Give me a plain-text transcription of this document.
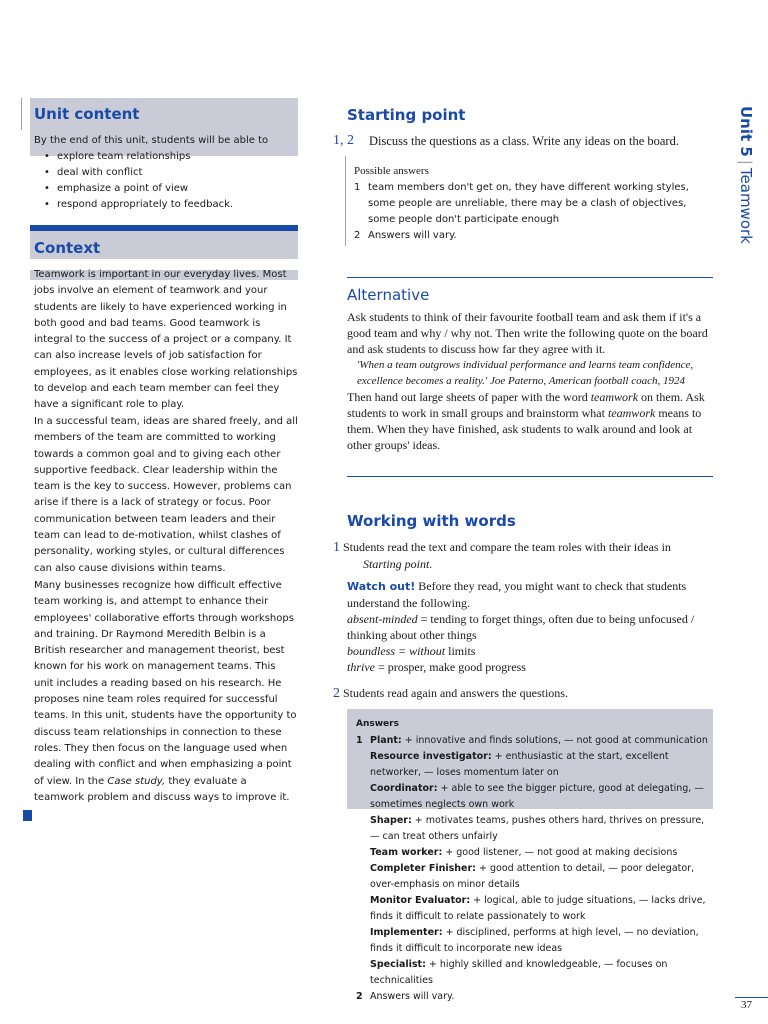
Unit content
By the end of this unit, students will be able to
• explore team relationships
• deal with conflict
• emphasize a point of view
• respond appropriately to feedback.
Context
Teamwork is important in our everyday lives. Most jobs involve an element of teamwork and your students are likely to have experienced working in both good and bad teams. Good teamwork is integral to the success of a project or a company. It can also increase levels of job satisfaction for employees, as it enables close working relationships to develop and each team member can feel they have a significant role to play.
In a successful team, ideas are shared freely, and all members of the team are committed to working towards a common goal and to giving each other supportive feedback. Clear leadership within the team is the key to success. However, problems can arise if there is a lack of strategy or focus. Poor communication between team leaders and their team can lead to de-motivation, whilst clashes of personality, working styles, or cultural differences can also cause divisions within teams.
Many businesses recognize how difficult effective team working is, and attempt to enhance their employees' collaborative efforts through workshops and training. Dr Raymond Meredith Belbin is a British researcher and management theorist, best known for his work on management teams. This unit includes a reading based on his research. He proposes nine team roles required for successful teams. In this unit, students have the opportunity to discuss team relationships in connection to these roles. They then focus on the language used when dealing with conflict and when emphasizing a point of view. In the Case study, they evaluate a teamwork problem and discuss ways to improve it.
Starting point
1, 2 Discuss the questions as a class. Write any ideas on the board.
Possible answers
1 team members don't get on, they have different working styles, some people are unreliable, there may be a clash of objectives, some people don't participate enough
2 Answers will vary.
Alternative
Ask students to think of their favourite football team and ask them if it's a good team and why / why not. Then write the following quote on the board and ask students to discuss how far they agree with it.
'When a team outgrows individual performance and learns team confidence, excellence becomes a reality.' Joe Paterno, American football coach, 1924
Then hand out large sheets of paper with the word teamwork on them. Ask students to work in small groups and brainstorm what teamwork means to them. When they have finished, ask students to walk around and look at other groups' ideas.
Working with words
1 Students read the text and compare the team roles with their ideas in
Starting point.
Watch out! Before they read, you might want to check that students understand the following.
absent-minded = tending to forget things, often due to being unfocused / thinking about other things
boundless = without limits
thrive = prosper, make good progress
2 Students read again and answers the questions.
Answers
1 Plant: + innovative and finds solutions, — not good at communication
Resource investigator: + enthusiastic at the start, excellent networker, — loses momentum later on
Coordinator: + able to see the bigger picture, good at delegating, — sometimes neglects own work
Shaper: + motivates teams, pushes others hard, thrives on pressure, — can treat others unfairly
Team worker: + good listener, — not good at making decisions
Completer Finisher: + good attention to detail, — poor delegator, over-emphasis on minor details
Monitor Evaluator: + logical, able to judge situations, — lacks drive, finds it difficult to relate passionately to work
Implementer: + disciplined, performs at high level, — no deviation, finds it difficult to incorporate new ideas
Specialist: + highly skilled and knowledgeable, — focuses on technicalities
2 Answers will vary.
Unit 5|Teamwork
37
